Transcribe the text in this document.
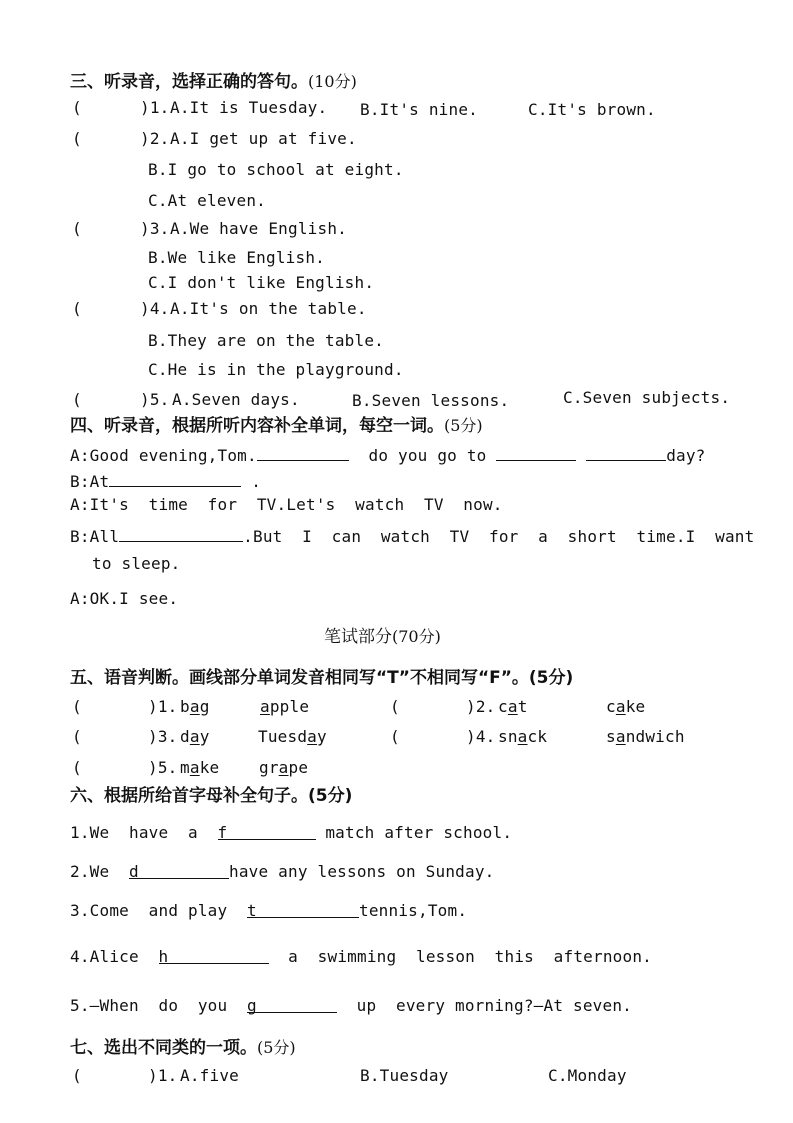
三、听录音，选择正确的答句。(10分)
(	)1. A.It is Tuesday. B.It's nine.	C.It's brown.
(	)2. A.I get up at five.
B.I go to school at eight.
C.At eleven.
(	)3. A.We have English.
B.We like English.
C.I don't like English.
(	)4. A.It's on the table.
B.They are on the table.
C.He is in the playground.
(	)5. A.Seven days.	B.Seven lessons.	C.Seven subjects.
四、听录音，根据所听内容补全单词，每空一词。(5分)
A:Good evening,Tom.	do you go to	day?
B:At	.
A:It's  time  for  TV.Let's  watch  TV  now.
B:All	.But  I  can  watch  TV  for  a  short  time.I  want
to sleep.
A:OK.I see.
笔试部分(70分)
五、语音判断。画线部分单词发音相同写“T”不相同写“F”。(5分)
(	)1. bag	apple	(	)2. cat	cake
(	)3. day	Tuesday	(	)4. snack	sandwich
(	)5. make grape
六、根据所给首字母补全句子。(5分)
1.We  have  a  f	match after school.
2.We  d	have any lessons on Sunday.
3.Come  and play  t	tennis,Tom.
4.Alice  h	a  swimming  lesson  this  afternoon.
5.—When  do  you  g	up  every morning?—At seven.
七、选出不同类的一项。(5分)
(	)1. A.five	B.Tuesday	C.Monday
